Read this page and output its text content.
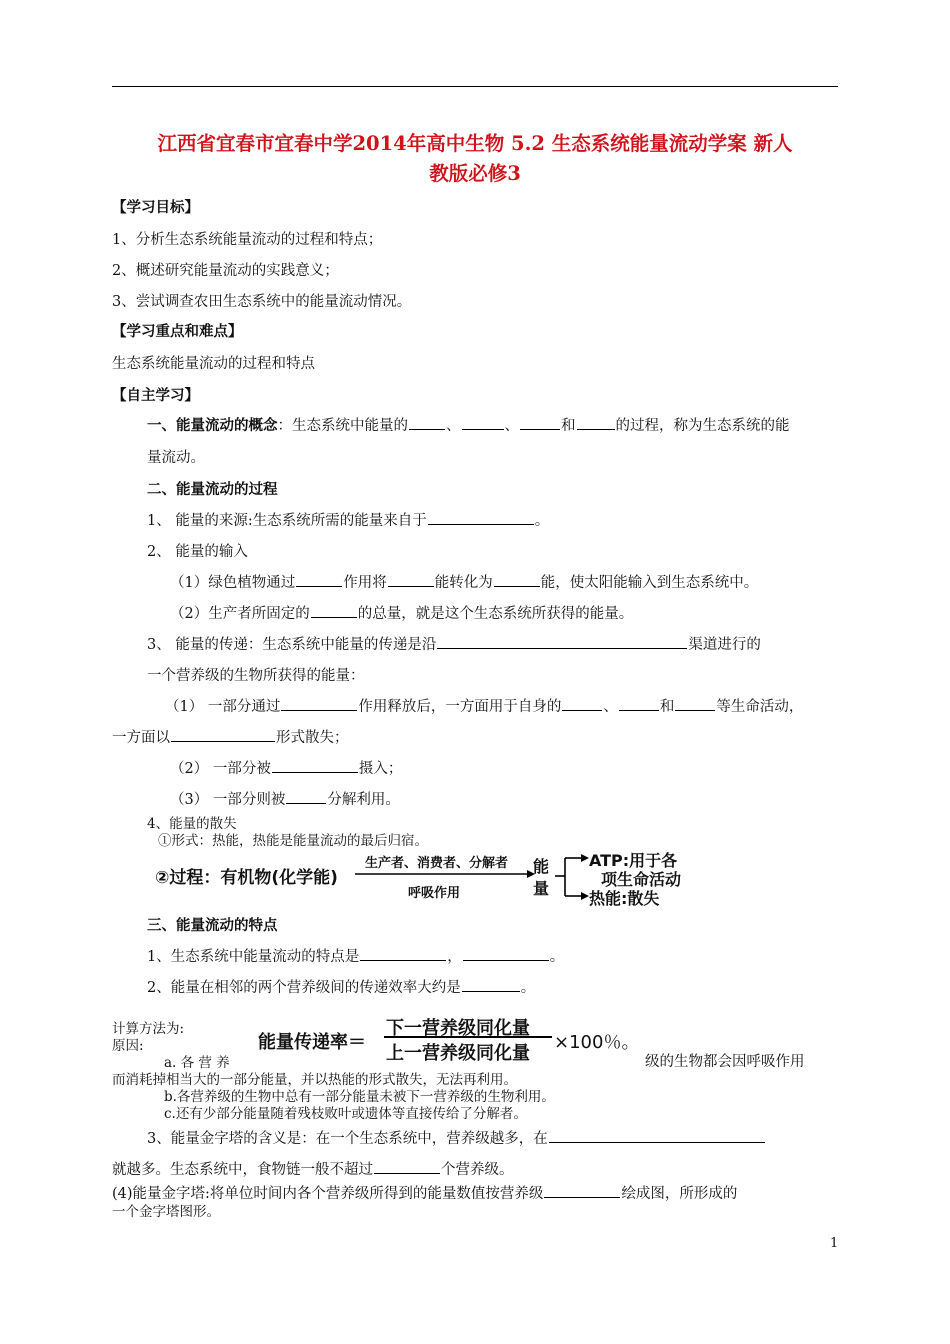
江西省宜春市宜春中学2014年高中生物 5.2 生态系统能量流动学案 新人
教版必修3
【学习目标】
1、分析生态系统能量流动的过程和特点；
2、概述研究能量流动的实践意义；
3、尝试调查农田生态系统中的能量流动情况。
【学习重点和难点】
生态系统能量流动的过程和特点
【自主学习】
一、能量流动的概念：生态系统中能量的	、	、	和	的过程，称为生态系统的能
量流动。
二、能量流动的过程
1、 能量的来源:生态系统所需的能量来自于	。
2、 能量的输入
（1）绿色植物通过	作用将	能转化为	能，使太阳能输入到生态系统中。
（2）生产者所固定的	的总量，就是这个生态系统所获得的能量。
3、 能量的传递：生态系统中能量的传递是沿	渠道进行的
一个营养级的生物所获得的能量：
（1） 一部分通过	作用释放后，一方面用于自身的	、	和	等生命活动，
一方面以	形式散失；
（2） 一部分被	摄入；
（3） 一部分则被	分解利用。
4、能量的散失
①形式：热能，热能是能量流动的最后归宿。
②过程：有机物(化学能)
生产者、消费者、分解者
呼吸作用
能
量
ATP:用于各
项生命活动
热能:散失
三、能量流动的特点
1、生态系统中能量流动的特点是	，	。
2、能量在相邻的两个营养级间的传递效率大约是	。
计算方法为:
原因:	能量传递率＝
下一营养级同化量
上一营养级同化量
×100％。
a. 各 营 养	级的生物都会因呼吸作用
而消耗掉相当大的一部分能量，并以热能的形式散失，无法再利用。
b.各营养级的生物中总有一部分能量未被下一营养级的生物利用。
c.还有少部分能量随着残枝败叶或遗体等直接传给了分解者。
3、能量金字塔的含义是：在一个生态系统中，营养级越多，在
就越多。生态系统中，食物链一般不超过	个营养级。
(4)能量金字塔:将单位时间内各个营养级所得到的能量数值按营养级	绘成图，所形成的
一个金字塔图形。
1
